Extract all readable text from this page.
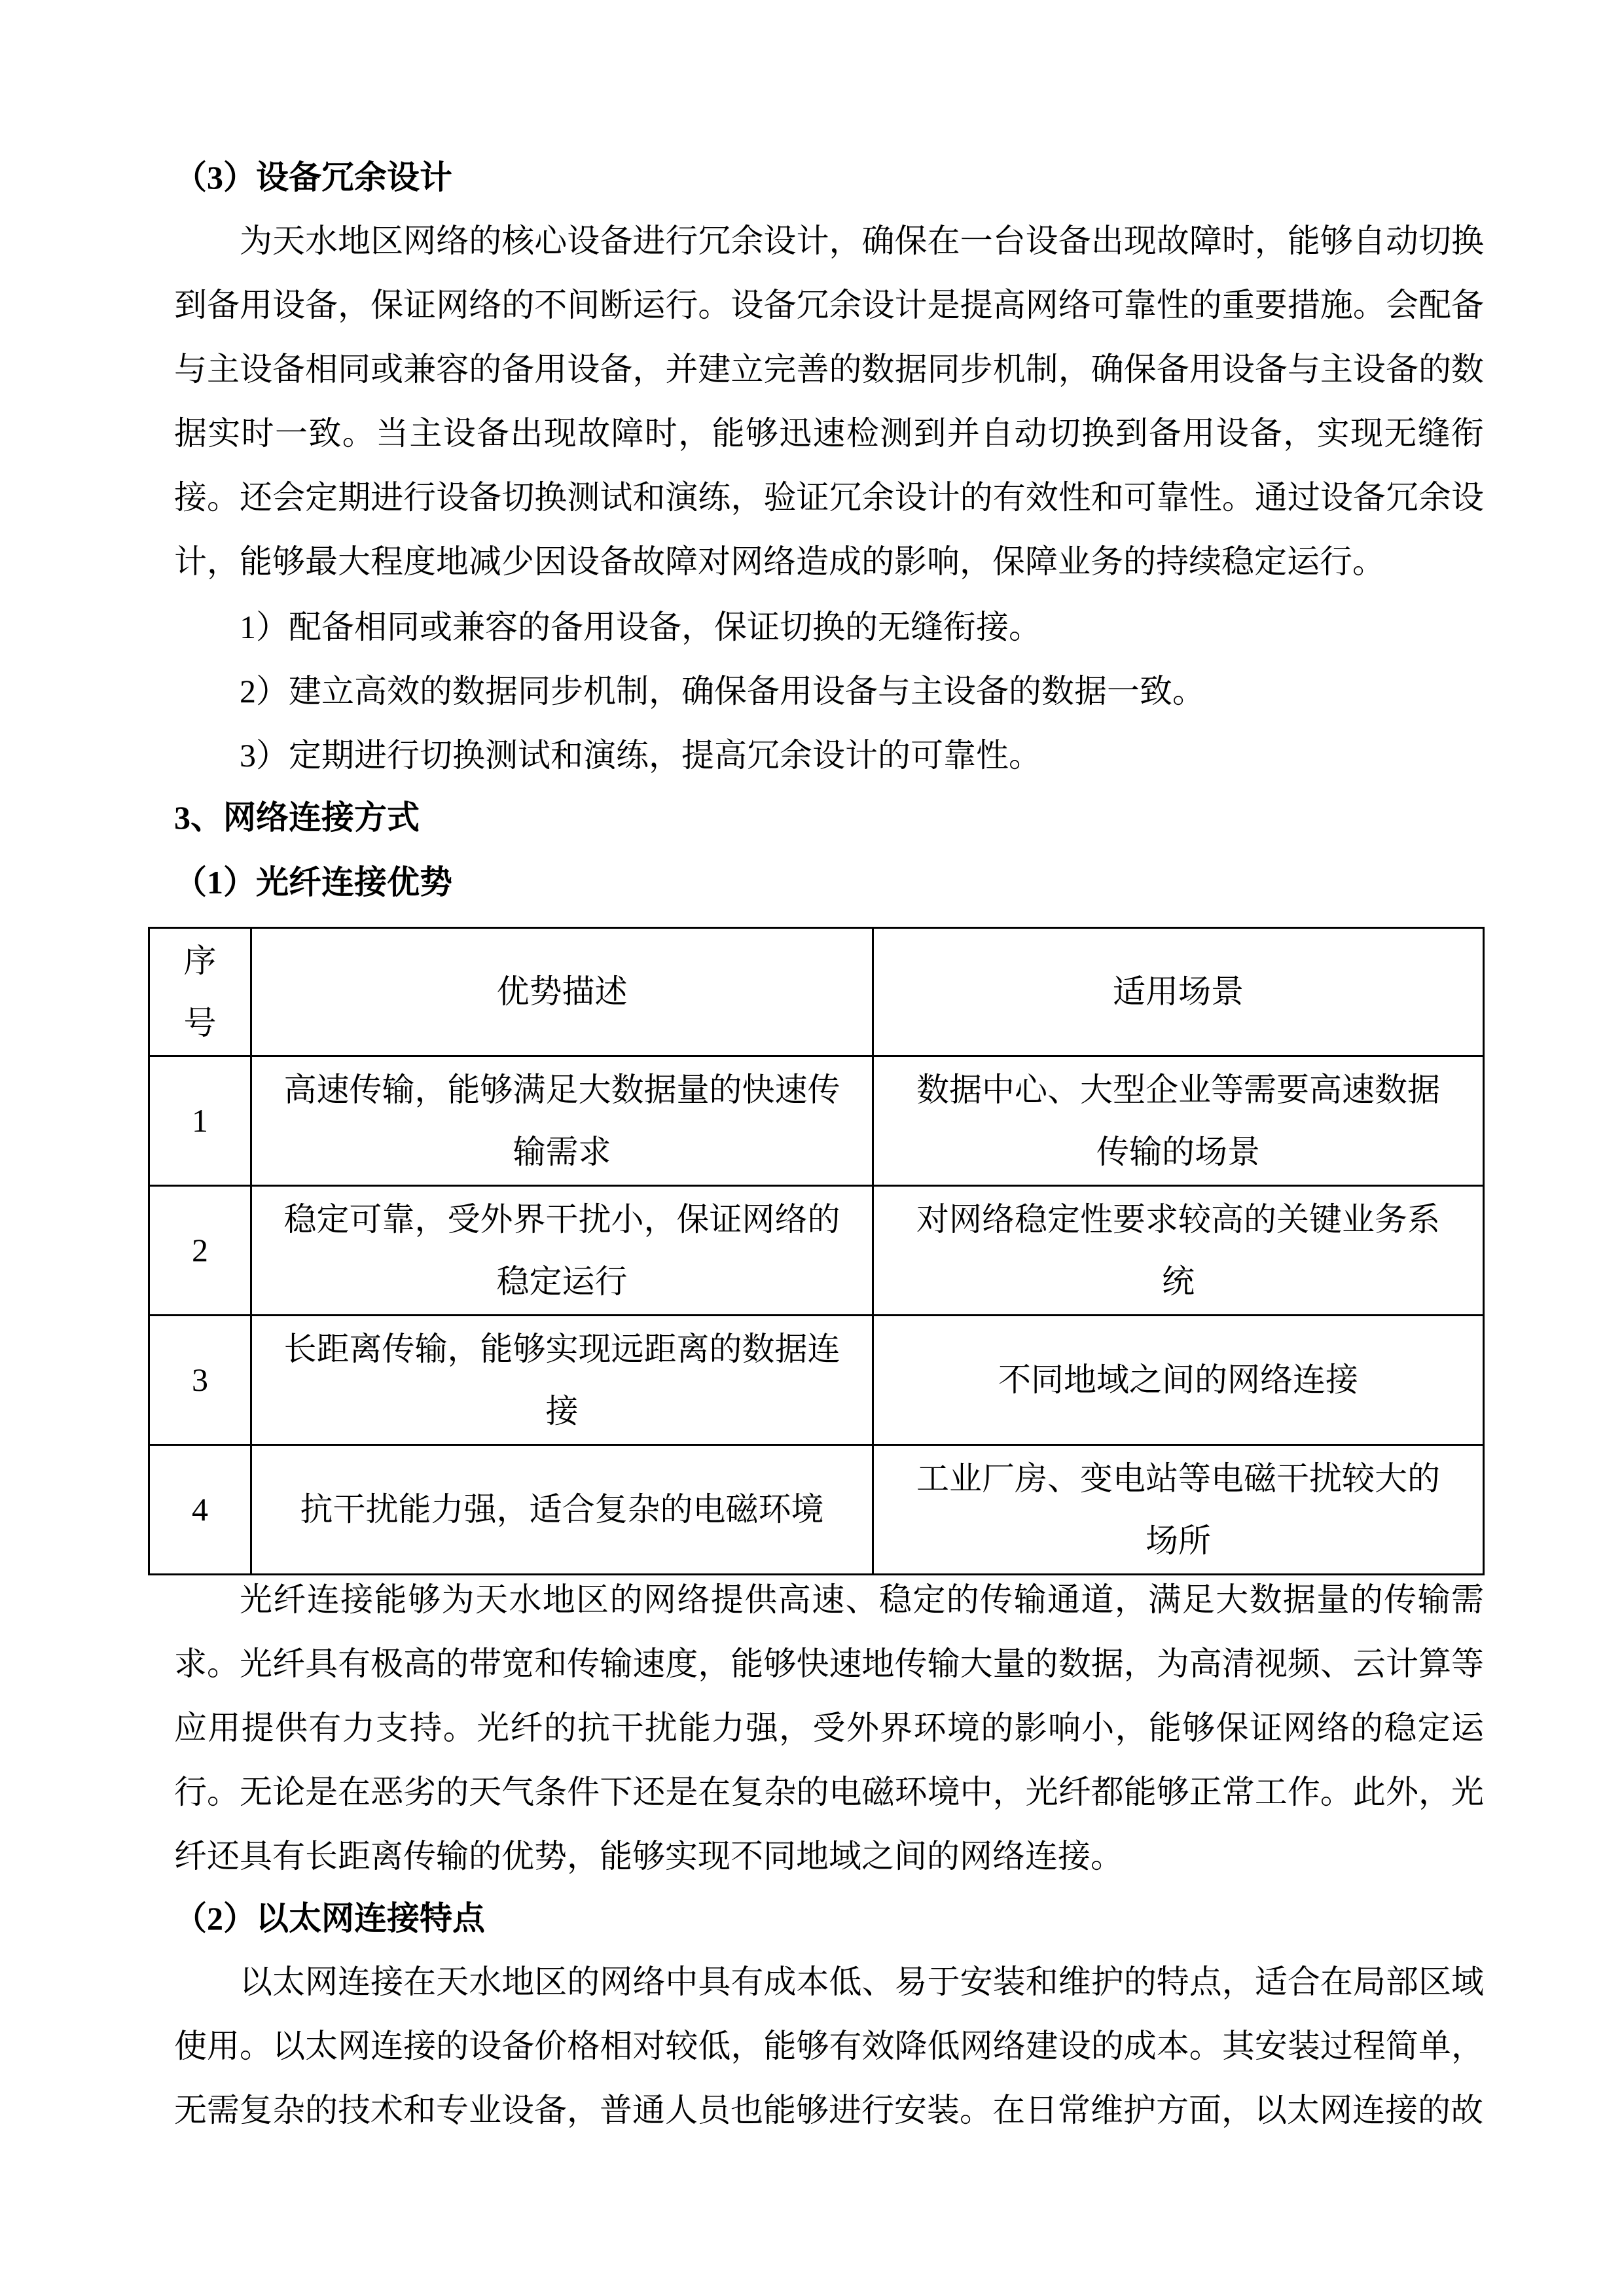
（3）设备冗余设计
为天水地区网络的核心设备进行冗余设计，确保在一台设备出现故障时，能够自动切换到备用设备，保证网络的不间断运行。设备冗余设计是提高网络可靠性的重要措施。会配备与主设备相同或兼容的备用设备，并建立完善的数据同步机制，确保备用设备与主设备的数据实时一致。当主设备出现故障时，能够迅速检测到并自动切换到备用设备，实现无缝衔接。还会定期进行设备切换测试和演练，验证冗余设计的有效性和可靠性。通过设备冗余设计，能够最大程度地减少因设备故障对网络造成的影响，保障业务的持续稳定运行。
1）配备相同或兼容的备用设备，保证切换的无缝衔接。
2）建立高效的数据同步机制，确保备用设备与主设备的数据一致。
3）定期进行切换测试和演练，提高冗余设计的可靠性。
3、网络连接方式
（1）光纤连接优势
序号	优势描述	适用场景
1	高速传输，能够满足大数据量的快速传输需求	数据中心、大型企业等需要高速数据传输的场景
2	稳定可靠，受外界干扰小，保证网络的稳定运行	对网络稳定性要求较高的关键业务系统
3	长距离传输，能够实现远距离的数据连接	不同地域之间的网络连接
4	抗干扰能力强，适合复杂的电磁环境	工业厂房、变电站等电磁干扰较大的场所
光纤连接能够为天水地区的网络提供高速、稳定的传输通道，满足大数据量的传输需求。光纤具有极高的带宽和传输速度，能够快速地传输大量的数据，为高清视频、云计算等应用提供有力支持。光纤的抗干扰能力强，受外界环境的影响小，能够保证网络的稳定运行。无论是在恶劣的天气条件下还是在复杂的电磁环境中，光纤都能够正常工作。此外，光纤还具有长距离传输的优势，能够实现不同地域之间的网络连接。
（2）以太网连接特点
以太网连接在天水地区的网络中具有成本低、易于安装和维护的特点，适合在局部区域使用。以太网连接的设备价格相对较低，能够有效降低网络建设的成本。其安装过程简单，无需复杂的技术和专业设备，普通人员也能够进行安装。在日常维护方面，以太网连接的故
